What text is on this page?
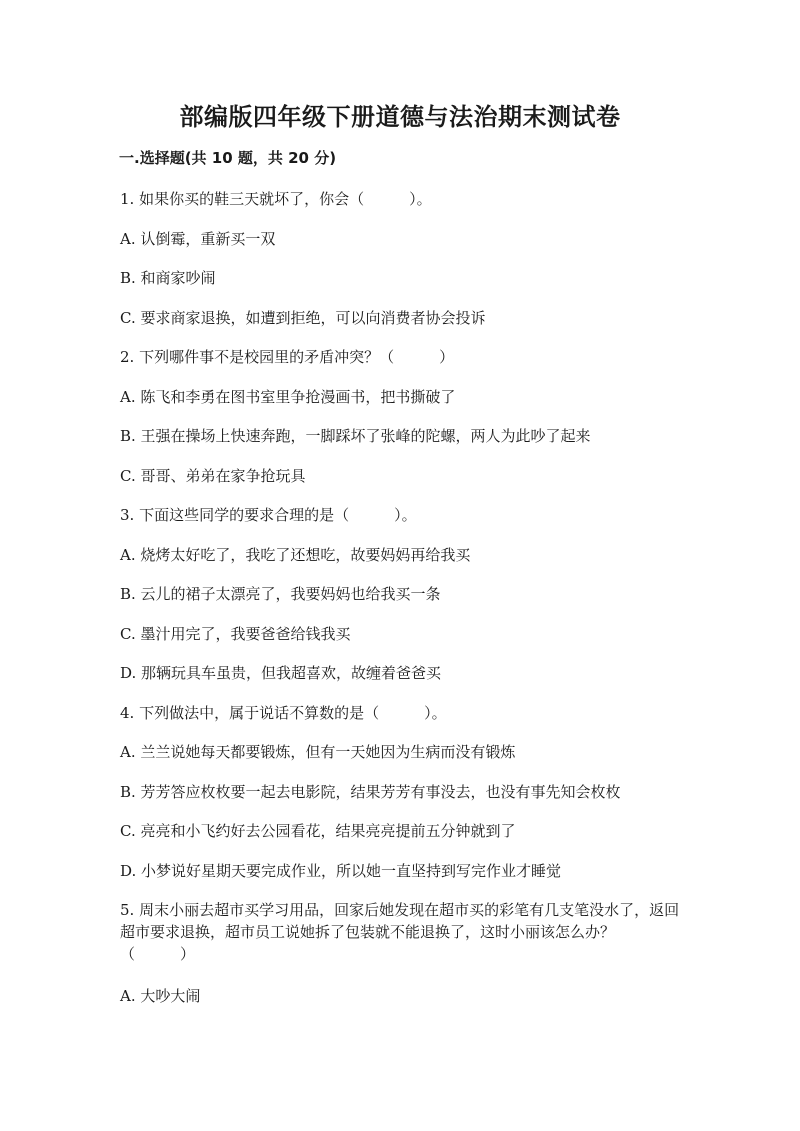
部编版四年级下册道德与法治期末测试卷
一.选择题(共 10 题，共 20 分)
1. 如果你买的鞋三天就坏了，你会（　　　）。
A. 认倒霉，重新买一双
B. 和商家吵闹
C. 要求商家退换，如遭到拒绝，可以向消费者协会投诉
2. 下列哪件事不是校园里的矛盾冲突？（　　　）
A. 陈飞和李勇在图书室里争抢漫画书，把书撕破了
B. 王强在操场上快速奔跑，一脚踩坏了张峰的陀螺，两人为此吵了起来
C. 哥哥、弟弟在家争抢玩具
3. 下面这些同学的要求合理的是（　　　）。
A. 烧烤太好吃了，我吃了还想吃，故要妈妈再给我买
B. 云儿的裙子太漂亮了，我要妈妈也给我买一条
C. 墨汁用完了，我要爸爸给钱我买
D. 那辆玩具车虽贵，但我超喜欢，故缠着爸爸买
4. 下列做法中，属于说话不算数的是（　　　）。
A. 兰兰说她每天都要锻炼，但有一天她因为生病而没有锻炼
B. 芳芳答应枚枚要一起去电影院，结果芳芳有事没去，也没有事先知会枚枚
C. 亮亮和小飞约好去公园看花，结果亮亮提前五分钟就到了
D. 小梦说好星期天要完成作业，所以她一直坚持到写完作业才睡觉
5. 周末小丽去超市买学习用品，回家后她发现在超市买的彩笔有几支笔没水了，返回超市要求退换，超市员工说她拆了包装就不能退换了，这时小丽该怎么办？（　　　）
A. 大吵大闹
